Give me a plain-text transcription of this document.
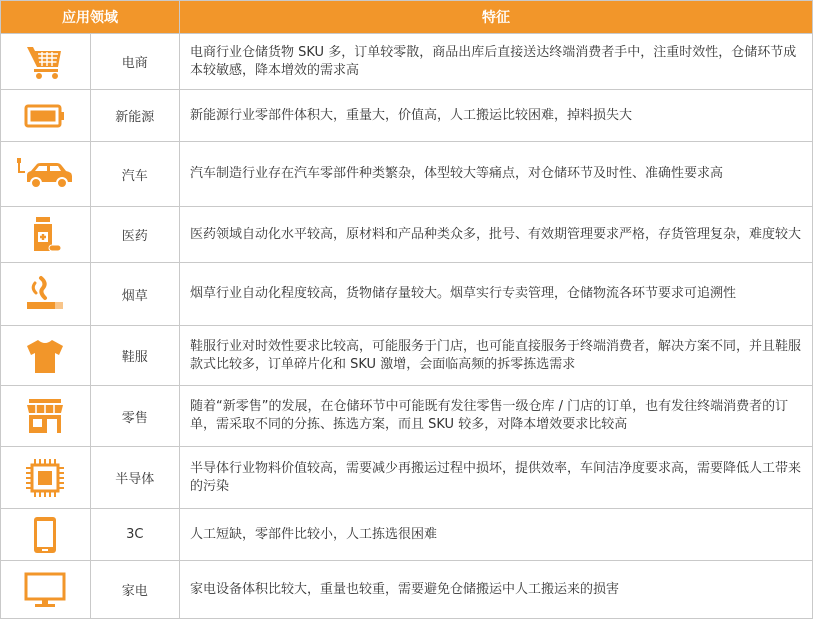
应用领域		特征

	电商	电商行业仓储货物 SKU 多，订单较零散，商品出库后直接送达终端消费者手中，注重时效性，仓储环节成本较敏感，降本增效的需求高

	新能源	新能源行业零部件体积大，重量大，价值高，人工搬运比较困难，掉料损失大

	汽车	汽车制造行业存在汽车零部件种类繁杂，体型较大等痛点，对仓储环节及时性、准确性要求高

	医药	医药领域自动化水平较高，原材料和产品种类众多，批号、有效期管理要求严格，存货管理复杂，难度较大

	烟草	烟草行业自动化程度较高，货物储存量较大。烟草实行专卖管理，仓储物流各环节要求可追溯性

	鞋服	鞋服行业对时效性要求比较高，可能服务于门店，也可能直接服务于终端消费者，解决方案不同，并且鞋服款式比较多，订单碎片化和 SKU 激增，会面临高频的拆零拣选需求

	零售	随着“新零售”的发展，在仓储环节中可能既有发往零售一级仓库 / 门店的订单，也有发往终端消费者的订单，需采取不同的分拣、拣选方案，而且 SKU 较多，对降本增效要求比较高

	半导体	半导体行业物料价值较高，需要减少再搬运过程中损坏，提供效率，车间洁净度要求高，需要降低人工带来的污染

	3C	人工短缺，零部件比较小，人工拣选很困难

	家电	家电设备体积比较大，重量也较重，需要避免仓储搬运中人工搬运来的损害
